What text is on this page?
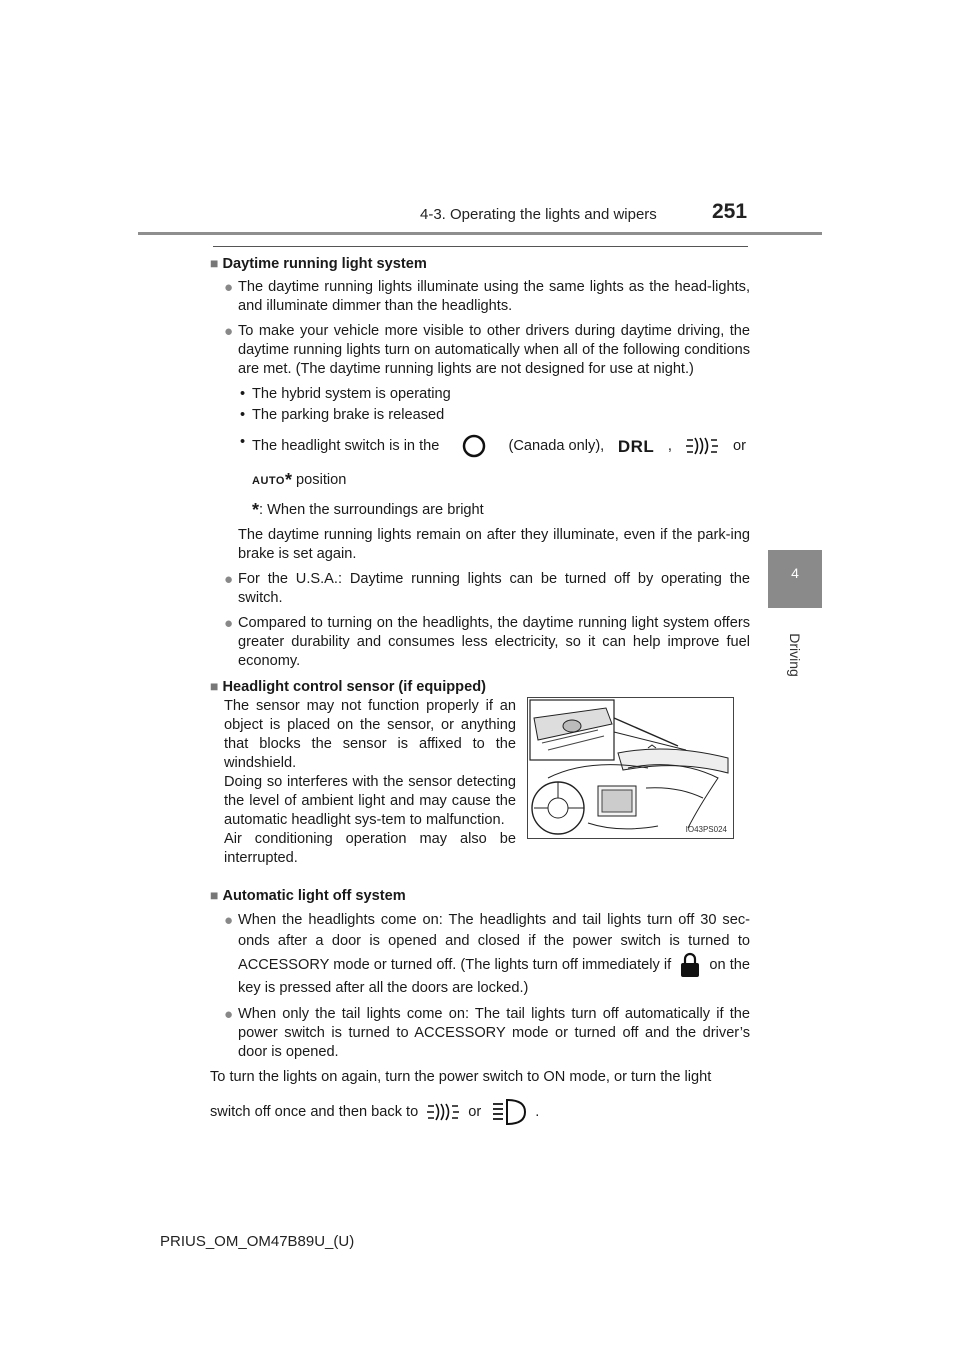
4-3. Operating the lights and wipers	251
4
Driving

■ Daytime running light system

● The daytime running lights illuminate using the same lights as the head-lights, and illuminate dimmer than the headlights.

● To make your vehicle more visible to other drivers during daytime driving, the daytime running lights turn on automatically when all of the following conditions are met. (The daytime running lights are not designed for use at night.)

• The hybrid system is operating

• The parking brake is released

• The headlight switch is in the	(Canada only), DRL ,	or

AUTO* position

*: When the surroundings are bright

The daytime running lights remain on after they illuminate, even if the park-ing brake is set again.

● For the U.S.A.: Daytime running lights can be turned off by operating the switch.

● Compared to turning on the headlights, the daytime running light system offers greater durability and consumes less electricity, so it can help improve fuel economy.

■ Headlight control sensor (if equipped)

The sensor may not function properly if an object is placed on the sensor, or anything that blocks the sensor is affixed to the windshield.
Doing so interferes with the sensor detecting the level of ambient light and may cause the automatic headlight sys-tem to malfunction.
Air conditioning operation may also be interrupted.
IO43PS024

■ Automatic light off system

● When the headlights come on: The headlights and tail lights turn off 30 sec-onds after a door is opened and closed if the power switch is turned to ACCESSORY mode or turned off. (The lights turn off immediately if	on the key is pressed after all the doors are locked.)

● When only the tail lights come on: The tail lights turn off automatically if the power switch is turned to ACCESSORY mode or turned off and the driver’s door is opened.

To turn the lights on again, turn the power switch to ON mode, or turn the light

switch off once and then back to	or	.

PRIUS_OM_OM47B89U_(U)
